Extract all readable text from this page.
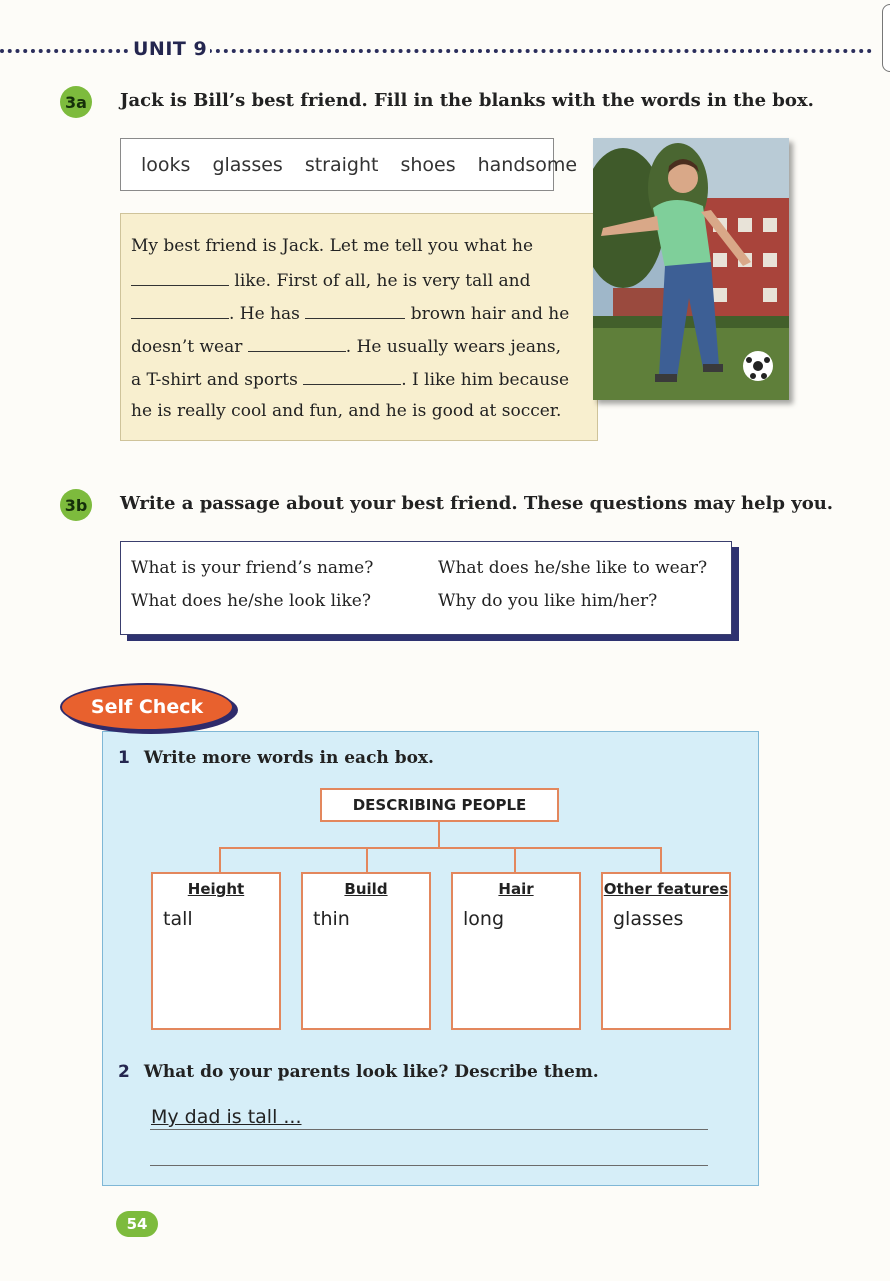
UNIT 9
3a Jack is Bill’s best friend. Fill in the blanks with the words in the box.
looks glasses straight shoes handsome
My best friend is Jack. Let me tell you what he
like. First of all, he is very tall and
. He has	brown hair and he
doesn’t wear	. He usually wears jeans,
a T-shirt and sports	. I like him because
he is really cool and fun, and he is good at soccer.
3b Write a passage about your best friend. These questions may help you.
What is your friend’s name?	What does he/she like to wear?
What does he/she look like?	Why do you like him/her?
Self Check
1 Write more words in each box.
DESCRIBING PEOPLE
Height
tall
Build
thin
Hair
long
Other features
glasses
2 What do your parents look like? Describe them.
My dad is tall ...
54
